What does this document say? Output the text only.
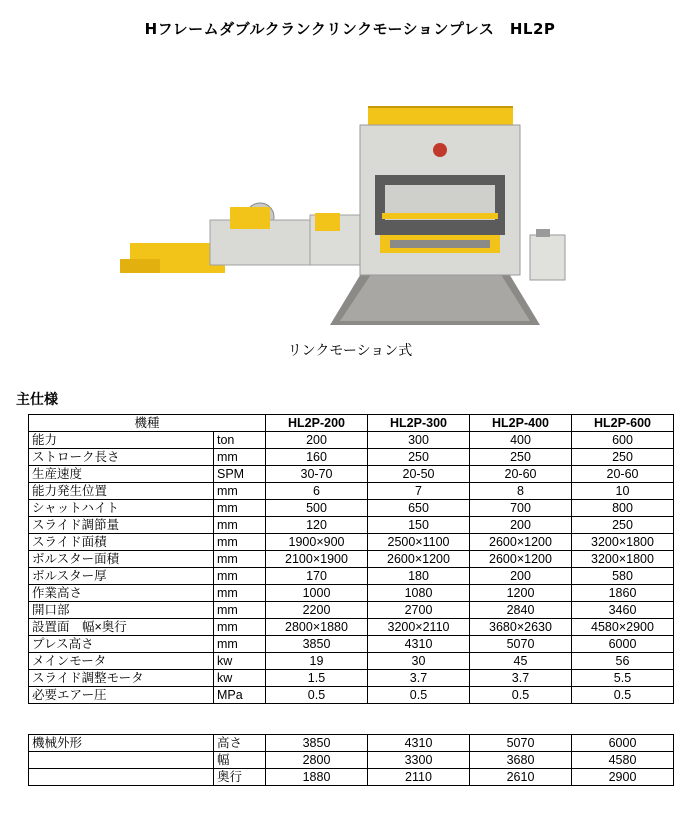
Hフレームダブルクランクリンクモーションプレス　HL2P
リンクモーション式
主仕様
機種		HL2P-200	HL2P-300	HL2P-400	HL2P-600
能力	ton	200	300	400	600
ストローク長さ	mm	160	250	250	250
生産速度	SPM	30-70	20-50	20-60	20-60
能力発生位置	mm	6	7	8	10
シャットハイト	mm	500	650	700	800
スライド調節量	mm	120	150	200	250
スライド面積	mm	1900×900	2500×1100	2600×1200	3200×1800
ボルスター面積	mm	2100×1900	2600×1200	2600×1200	3200×1800
ボルスター厚	mm	170	180	200	580
作業高さ	mm	1000	1080	1200	1860
開口部	mm	2200	2700	2840	3460
設置面　幅×奥行	mm	2800×1880	3200×2110	3680×2630	4580×2900
プレス高さ	mm	3850	4310	5070	6000
メインモータ	kw	19	30	45	56
スライド調整モータ	kw	1.5	3.7	3.7	5.5
必要エアー圧	MPa	0.5	0.5	0.5	0.5
機械外形	高さ	3850	4310	5070	6000
	幅	2800	3300	3680	4580
	奥行	1880	2110	2610	2900
